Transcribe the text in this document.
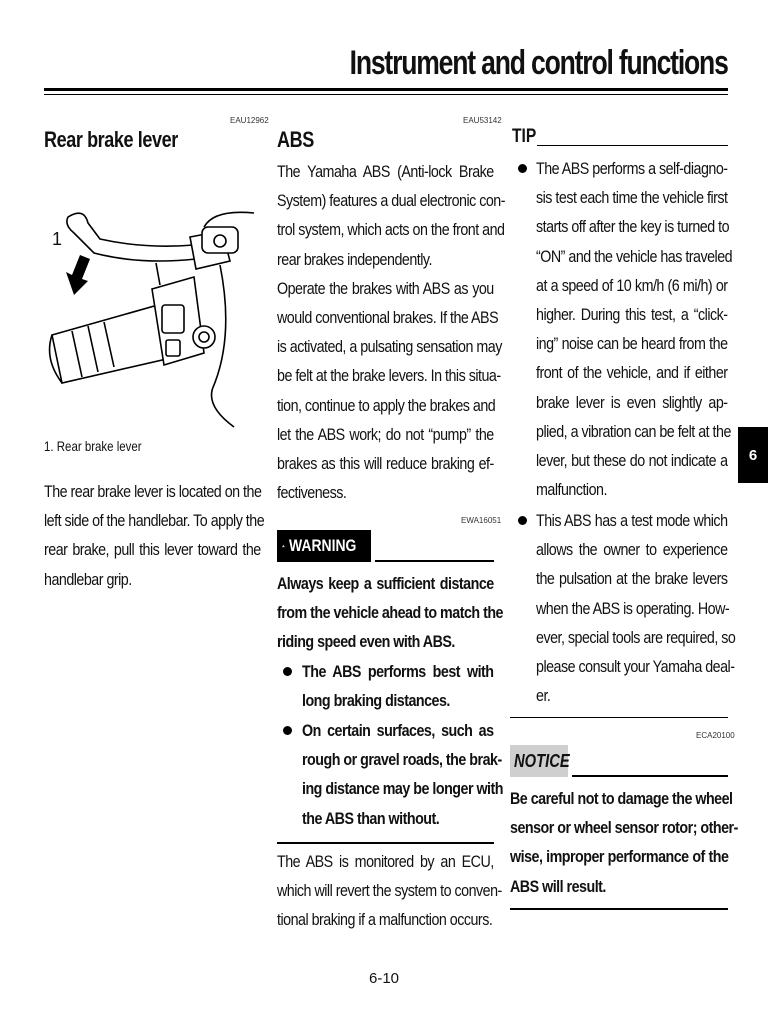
Instrument and control functions
EAU12962
Rear brake lever
1
1. Rear brake lever
The rear brake lever is located on the
left side of the handlebar. To apply the
rear brake, pull this lever toward the
handlebar grip.
EAU53142
ABS
The Yamaha ABS (Anti-lock Brake
System) features a dual electronic con-
trol system, which acts on the front and
rear brakes independently.
Operate the brakes with ABS as you
would conventional brakes. If the ABS
is activated, a pulsating sensation may
be felt at the brake levers. In this situa-
tion, continue to apply the brakes and
let the ABS work; do not “pump” the
brakes as this will reduce braking ef-
fectiveness.
EWA16051
WARNING
Always keep a sufficient distance
from the vehicle ahead to match the
riding speed even with ABS.
The ABS performs best with
long braking distances.
On certain surfaces, such as
rough or gravel roads, the brak-
ing distance may be longer with
the ABS than without.
The ABS is monitored by an ECU,
which will revert the system to conven-
tional braking if a malfunction occurs.
TIP
The ABS performs a self-diagno-
sis test each time the vehicle first
starts off after the key is turned to
“ON” and the vehicle has traveled
at a speed of 10 km/h (6 mi/h) or
higher. During this test, a “click-
ing” noise can be heard from the
front of the vehicle, and if either
brake lever is even slightly ap-
plied, a vibration can be felt at the
lever, but these do not indicate a
malfunction.
This ABS has a test mode which
allows the owner to experience
the pulsation at the brake levers
when the ABS is operating. How-
ever, special tools are required, so
please consult your Yamaha deal-
er.
ECA20100
NOTICE
Be careful not to damage the wheel
sensor or wheel sensor rotor; other-
wise, improper performance of the
ABS will result.
6
6-10
